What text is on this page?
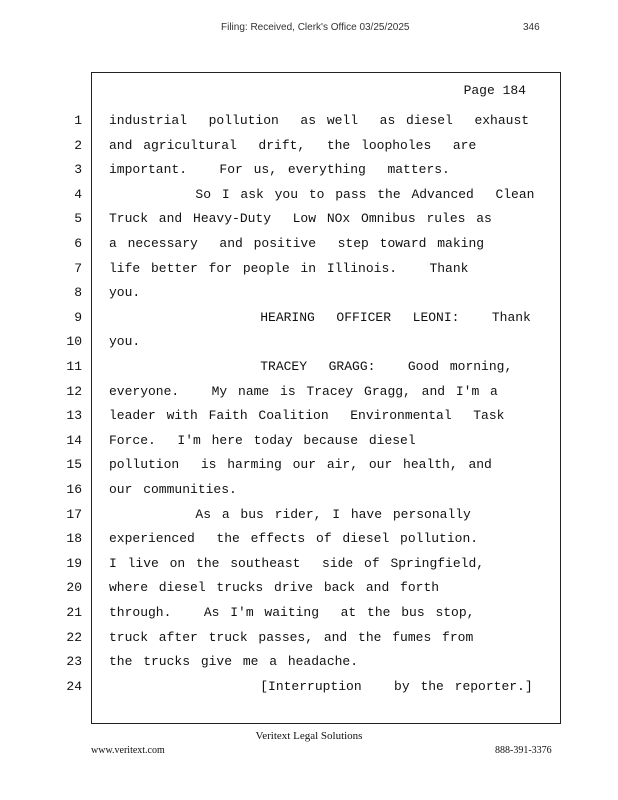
Filing: Received, Clerk's Office 03/25/2025	346
Page 184
1 industrial  pollution  as well  as diesel  exhaust
2 and agricultural  drift,  the loopholes  are
3 important.   For us, everything  matters.
4 So I ask you to pass the Advanced  Clean
5 Truck and Heavy-Duty  Low NOx Omnibus rules as
6 a necessary  and positive  step toward making
7 life better for people in Illinois.   Thank
8 you.
9 HEARING  OFFICER  LEONI:   Thank
10 you.
11 TRACEY  GRAGG:   Good morning,
12 everyone.   My name is Tracey Gragg, and I'm a
13 leader with Faith Coalition  Environmental  Task
14 Force.  I'm here today because diesel
15 pollution  is harming our air, our health, and
16 our communities.
17 As a bus rider, I have personally
18 experienced  the effects of diesel pollution.
19 I live on the southeast  side of Springfield,
20 where diesel trucks drive back and forth
21 through.   As I'm waiting  at the bus stop,
22 truck after truck passes, and the fumes from
23 the trucks give me a headache.
24 [Interruption   by the reporter.]
Veritext Legal Solutions
www.veritext.com	888-391-3376
